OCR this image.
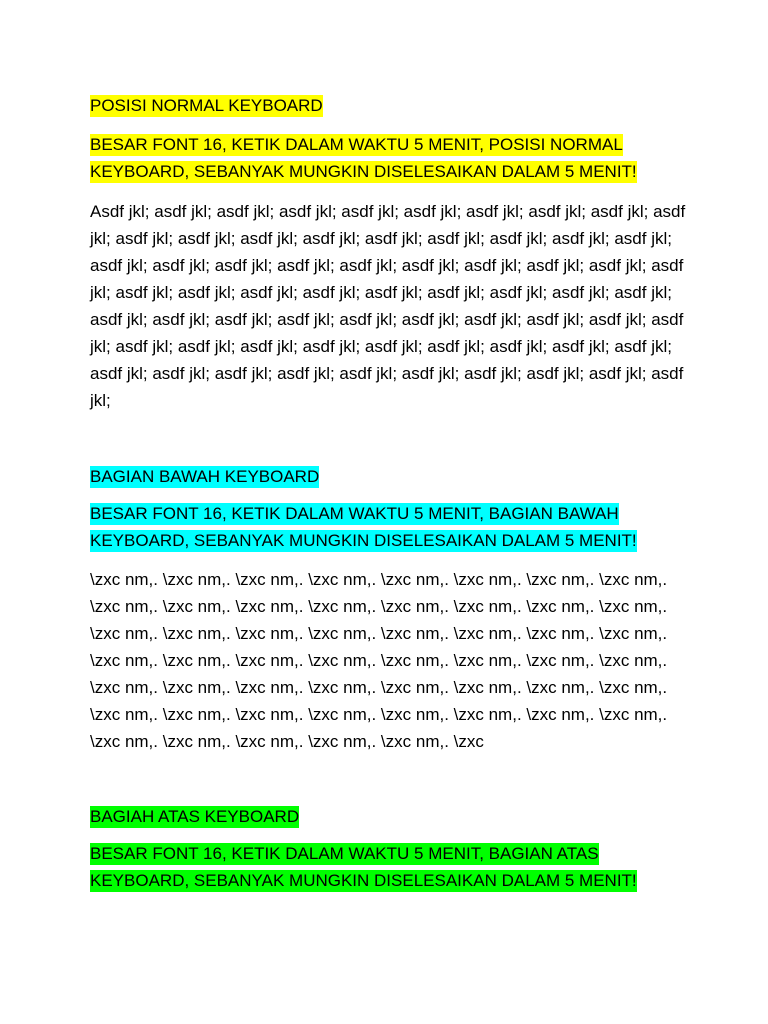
POSISI NORMAL KEYBOARD
BESAR FONT 16, KETIK DALAM WAKTU 5 MENIT, POSISI NORMAL KEYBOARD, SEBANYAK MUNGKIN DISELESAIKAN DALAM 5 MENIT!
Asdf jkl; asdf jkl; asdf jkl; asdf jkl; asdf jkl; asdf jkl; asdf jkl; asdf jkl; asdf jkl; asdf jkl; asdf jkl; asdf jkl; asdf jkl; asdf jkl; asdf jkl; asdf jkl; asdf jkl; asdf jkl; asdf jkl; asdf jkl; asdf jkl; asdf jkl; asdf jkl; asdf jkl; asdf jkl; asdf jkl; asdf jkl; asdf jkl; asdf jkl; asdf jkl; asdf jkl; asdf jkl; asdf jkl; asdf jkl; asdf jkl; asdf jkl; asdf jkl; asdf jkl; asdf jkl; asdf jkl; asdf jkl; asdf jkl; asdf jkl; asdf jkl; asdf jkl; asdf jkl; asdf jkl; asdf jkl; asdf jkl; asdf jkl; asdf jkl; asdf jkl; asdf jkl; asdf jkl; asdf jkl; asdf jkl; asdf jkl; asdf jkl; asdf jkl; asdf jkl; asdf jkl; asdf jkl; asdf jkl; asdf jkl; asdf jkl; asdf jkl; asdf jkl;
BAGIAN BAWAH KEYBOARD
BESAR FONT 16, KETIK DALAM WAKTU 5 MENIT, BAGIAN BAWAH KEYBOARD, SEBANYAK MUNGKIN DISELESAIKAN DALAM 5 MENIT!
\zxc nm,. \zxc nm,. \zxc nm,. \zxc nm,. \zxc nm,. \zxc nm,. \zxc nm,. \zxc nm,. \zxc nm,. \zxc nm,. \zxc nm,. \zxc nm,. \zxc nm,. \zxc nm,. \zxc nm,. \zxc nm,. \zxc nm,. \zxc nm,. \zxc nm,. \zxc nm,. \zxc nm,. \zxc nm,. \zxc nm,. \zxc nm,. \zxc nm,. \zxc nm,. \zxc nm,. \zxc nm,. \zxc nm,. \zxc nm,. \zxc nm,. \zxc nm,. \zxc nm,. \zxc nm,. \zxc nm,. \zxc nm,. \zxc nm,. \zxc nm,. \zxc nm,. \zxc nm,. \zxc nm,. \zxc nm,. \zxc nm,. \zxc nm,. \zxc nm,. \zxc nm,. \zxc nm,. \zxc nm,. \zxc nm,. \zxc nm,. \zxc nm,. \zxc nm,. \zxc nm,. \zxc
BAGIAH ATAS KEYBOARD
BESAR FONT 16, KETIK DALAM WAKTU 5 MENIT, BAGIAN ATAS KEYBOARD, SEBANYAK MUNGKIN DISELESAIKAN DALAM 5 MENIT!
